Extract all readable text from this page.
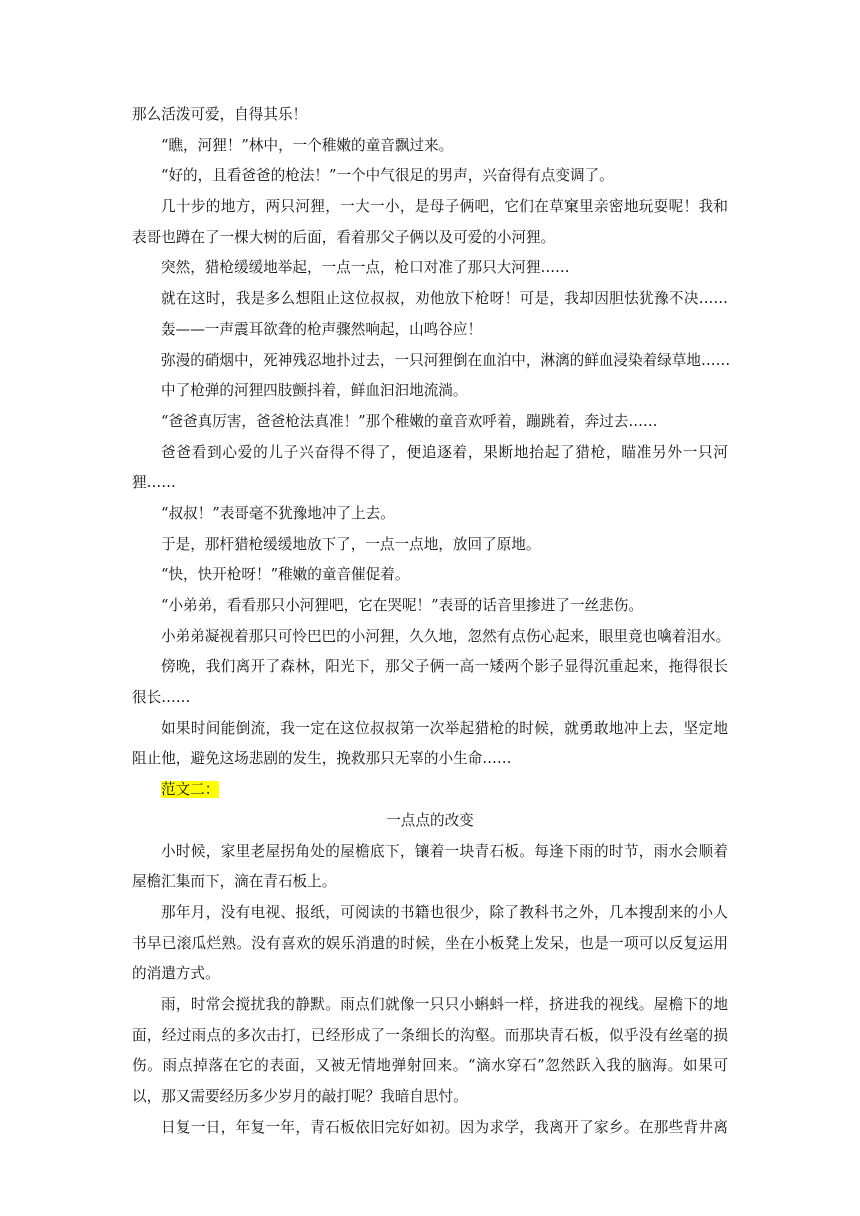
那么活泼可爱，自得其乐！
“瞧，河狸！”林中，一个稚嫩的童音飘过来。
“好的，且看爸爸的枪法！”一个中气很足的男声，兴奋得有点变调了。
几十步的地方，两只河狸，一大一小，是母子俩吧，它们在草窠里亲密地玩耍呢！我和
表哥也蹲在了一棵大树的后面，看着那父子俩以及可爱的小河狸。
突然，猎枪缓缓地举起，一点一点，枪口对准了那只大河狸……
就在这时，我是多么想阻止这位叔叔，劝他放下枪呀！可是，我却因胆怯犹豫不决……
轰——一声震耳欲聋的枪声骤然响起，山鸣谷应！
弥漫的硝烟中，死神残忍地扑过去，一只河狸倒在血泊中，淋漓的鲜血浸染着绿草地……
中了枪弹的河狸四肢颤抖着，鲜血汩汩地流淌。
“爸爸真厉害，爸爸枪法真准！”那个稚嫩的童音欢呼着，蹦跳着，奔过去……
爸爸看到心爱的儿子兴奋得不得了，便追逐着，果断地抬起了猎枪，瞄准另外一只河
狸……
“叔叔！”表哥毫不犹豫地冲了上去。
于是，那杆猎枪缓缓地放下了，一点一点地，放回了原地。
“快，快开枪呀！”稚嫩的童音催促着。
“小弟弟，看看那只小河狸吧，它在哭呢！”表哥的话音里掺进了一丝悲伤。
小弟弟凝视着那只可怜巴巴的小河狸，久久地，忽然有点伤心起来，眼里竟也噙着泪水。
傍晚，我们离开了森林，阳光下，那父子俩一高一矮两个影子显得沉重起来，拖得很长
很长……
如果时间能倒流，我一定在这位叔叔第一次举起猎枪的时候，就勇敢地冲上去，坚定地
阻止他，避免这场悲剧的发生，挽救那只无辜的小生命……
范文二：
一点点的改变
小时候，家里老屋拐角处的屋檐底下，镶着一块青石板。每逢下雨的时节，雨水会顺着
屋檐汇集而下，滴在青石板上。
那年月，没有电视、报纸，可阅读的书籍也很少，除了教科书之外，几本搜刮来的小人
书早已滚瓜烂熟。没有喜欢的娱乐消遣的时候，坐在小板凳上发呆，也是一项可以反复运用
的消遣方式。
雨，时常会搅扰我的静默。雨点们就像一只只小蝌蚪一样，挤进我的视线。屋檐下的地
面，经过雨点的多次击打，已经形成了一条细长的沟壑。而那块青石板，似乎没有丝毫的损
伤。雨点掉落在它的表面，又被无情地弹射回来。“滴水穿石”忽然跃入我的脑海。如果可
以，那又需要经历多少岁月的敲打呢？我暗自思忖。
日复一日，年复一年，青石板依旧完好如初。因为求学，我离开了家乡。在那些背井离
